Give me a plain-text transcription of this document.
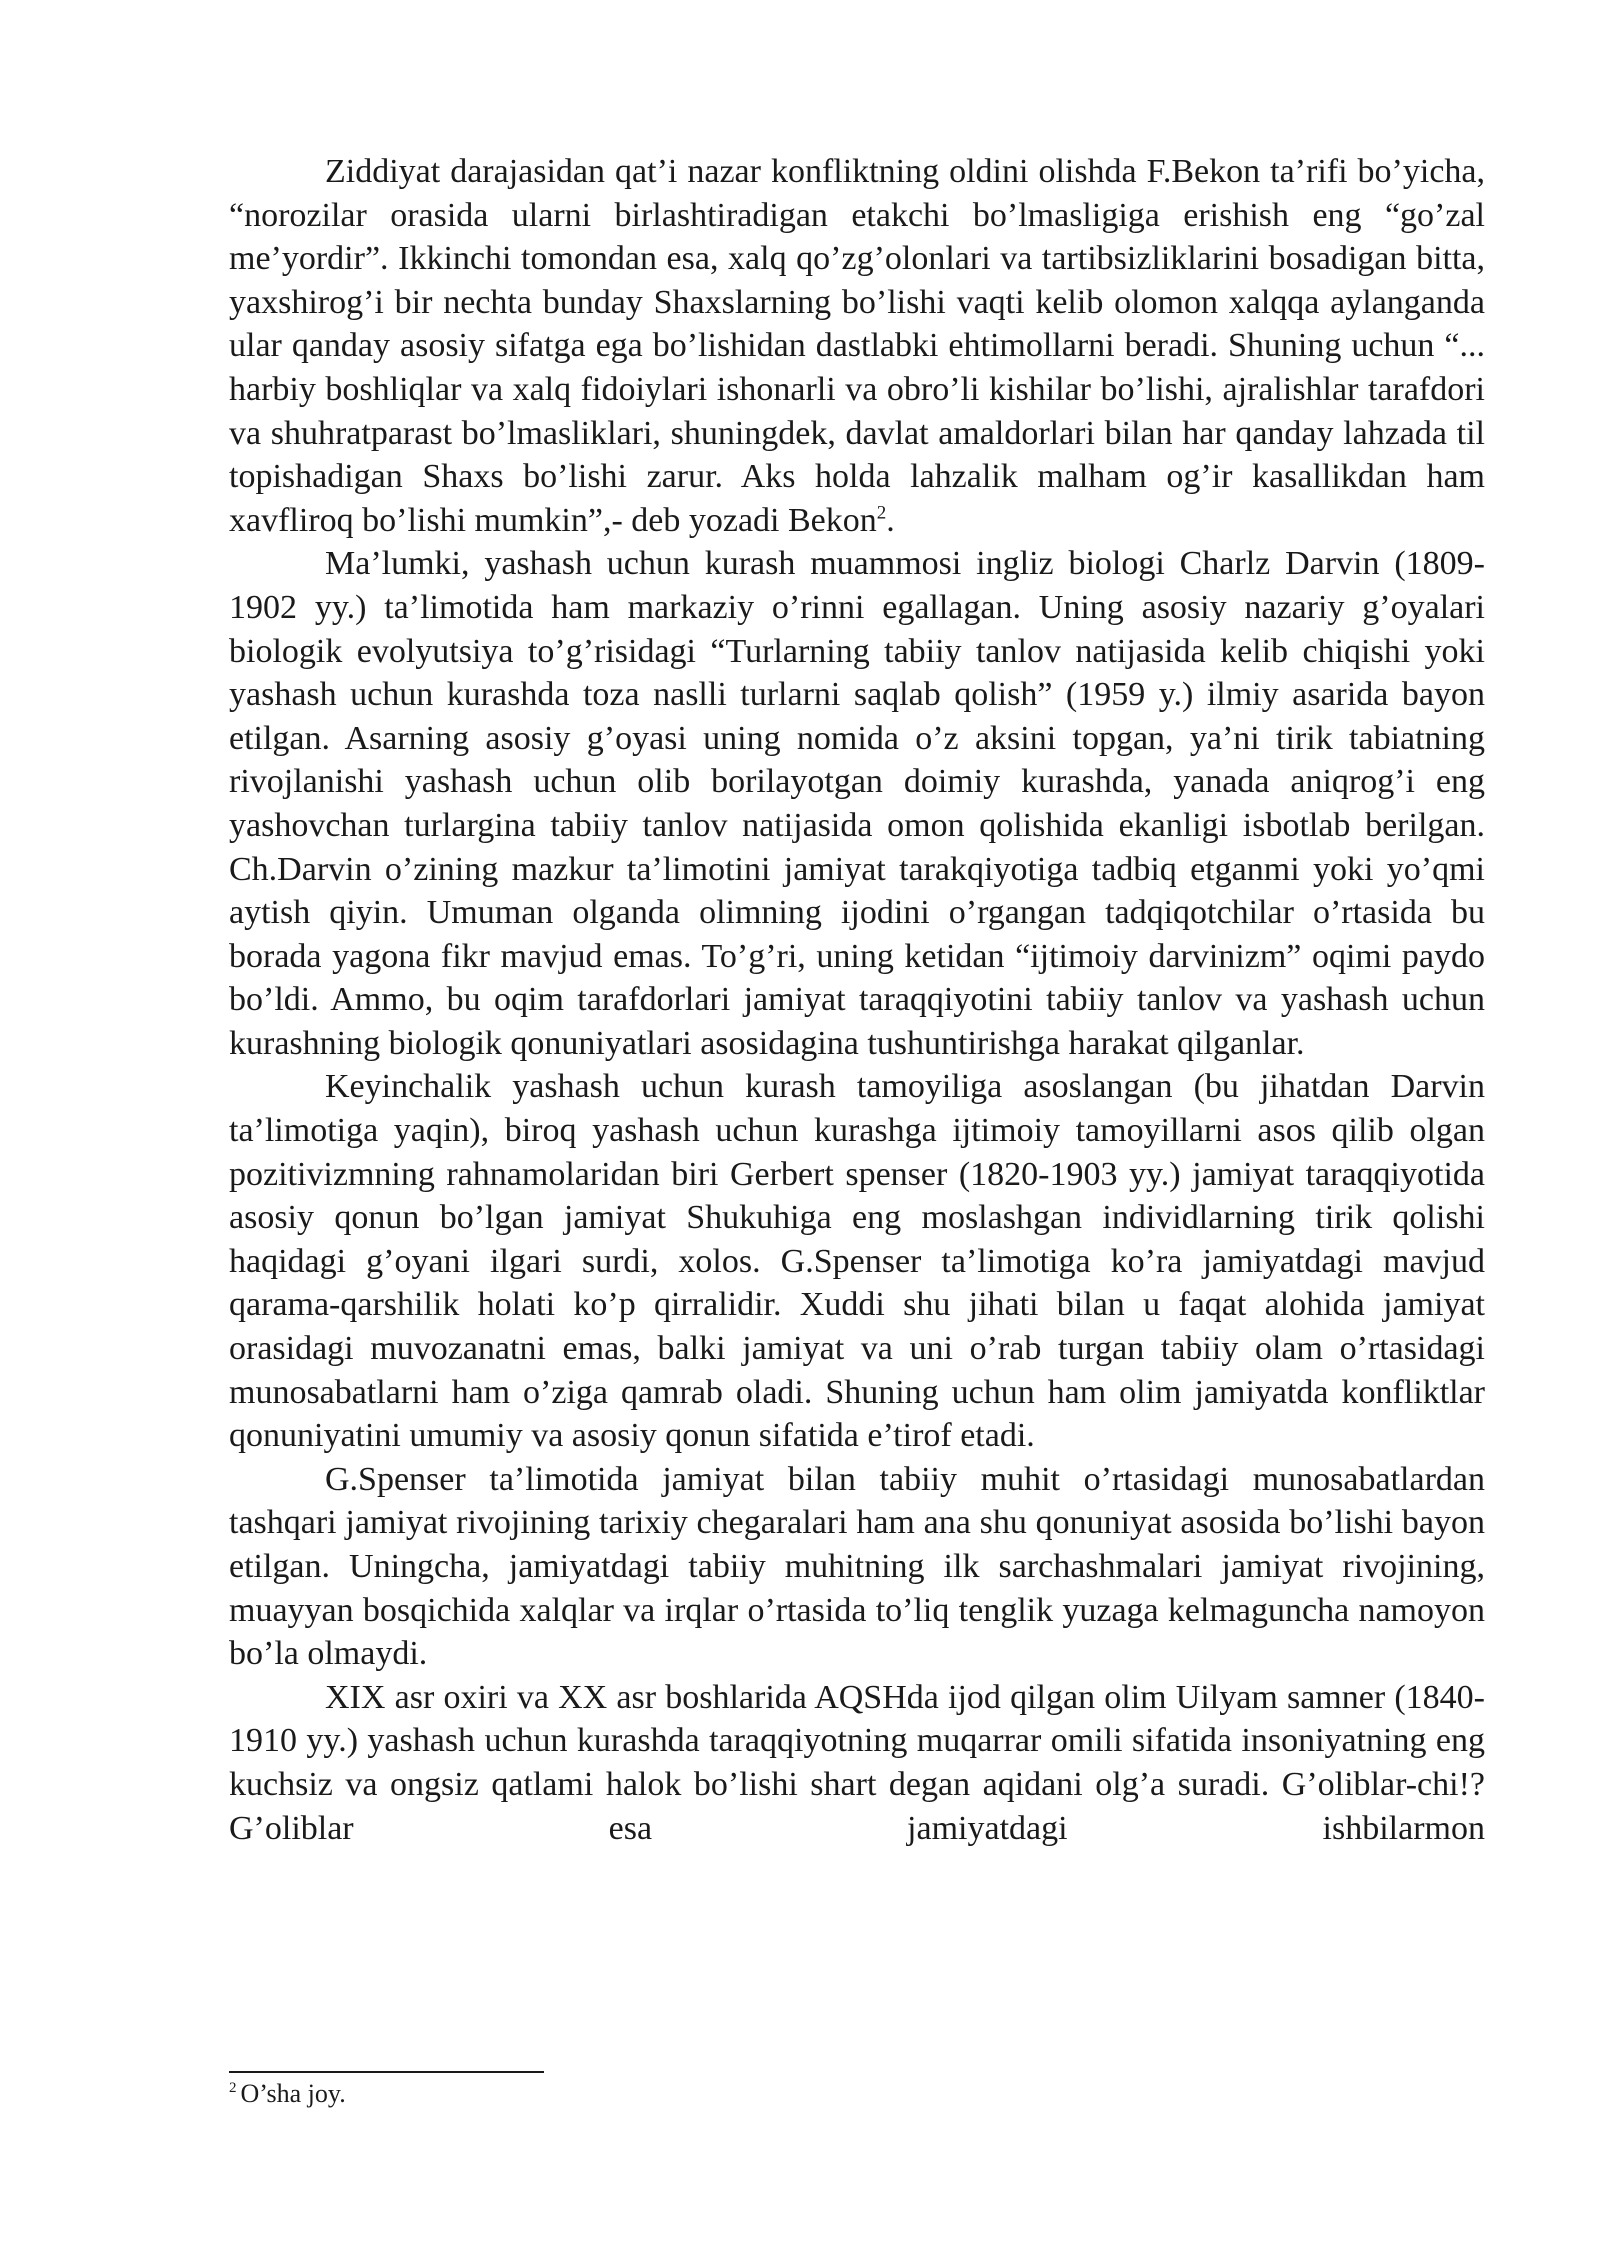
Ziddiyat darajasidan qat’i nazar konfliktning oldini olishda F.Bekon ta’rifi bo’yicha, “norozilar orasida ularni birlashtiradigan etakchi bo’lmasligiga erishish eng “go’zal me’yordir”. Ikkinchi tomondan esa, xalq qo’zg’olonlari va tartibsizliklarini bosadigan bitta, yaxshirog’i bir nechta bunday Shaxslarning bo’lishi vaqti kelib olomon xalqqa aylanganda ular qanday asosiy sifatga ega bo’lishidan dastlabki ehtimollarni beradi. Shuning uchun “... harbiy boshliqlar va xalq fidoiylari ishonarli va obro’li kishilar bo’lishi, ajralishlar tarafdori va shuhratparast bo’lmasliklari, shuningdek, davlat amaldorlari bilan har qanday lahzada til topishadigan Shaxs bo’lishi zarur. Aks holda lahzalik malham og’ir kasallikdan ham xavfliroq bo’lishi mumkin”,- deb yozadi Bekon$^2$.

Ma’lumki, yashash uchun kurash muammosi ingliz biologi Charlz Darvin (1809-1902 yy.) ta’limotida ham markaziy o’rinni egallagan. Uning asosiy nazariy g’oyalari biologik evolyutsiya to’g’risidagi “Turlarning tabiiy tanlov natijasida kelib chiqishi yoki yashash uchun kurashda toza naslli turlarni saqlab qolish” (1959 y.) ilmiy asarida bayon etilgan. Asarning asosiy g’oyasi uning nomida o’z aksini topgan, ya’ni tirik tabiatning rivojlanishi yashash uchun olib borilayotgan doimiy kurashda, yanada aniqrog’i eng yashovchan turlargina tabiiy tanlov natijasida omon qolishida ekanligi isbotlab berilgan. Ch.Darvin o’zining mazkur ta’limotini jamiyat tarakqiyotiga tadbiq etganmi yoki yo’qmi aytish qiyin. Umuman olganda olimning ijodini o’rgangan tadqiqotchilar o’rtasida bu borada yagona fikr mavjud emas. To’g’ri, uning ketidan “ijtimoiy darvinizm” oqimi paydo bo’ldi. Ammo, bu oqim tarafdorlari jamiyat taraqqiyotini tabiiy tanlov va yashash uchun kurashning biologik qonuniyatlari asosidagina tushuntirishga harakat qilganlar.

Keyinchalik yashash uchun kurash tamoyiliga asoslangan (bu jihatdan Darvin ta’limotiga yaqin), biroq yashash uchun kurashga ijtimoiy tamoyillarni asos qilib olgan pozitivizmning rahnamolaridan biri Gerbert spenser (1820-1903 yy.) jamiyat taraqqiyotida asosiy qonun bo’lgan jamiyat Shukuhiga eng moslashgan individlarning tirik qolishi haqidagi g’oyani ilgari surdi, xolos. G.Spenser ta’limotiga ko’ra jamiyatdagi mavjud qarama-qarshilik holati ko’p qirralidir. Xuddi shu jihati bilan u faqat alohida jamiyat orasidagi muvozanatni emas, balki jamiyat va uni o’rab turgan tabiiy olam o’rtasidagi munosabatlarni ham o’ziga qamrab oladi. Shuning uchun ham olim jamiyatda konfliktlar qonuniyatini umumiy va asosiy qonun sifatida e’tirof etadi.

G.Spenser ta’limotida jamiyat bilan tabiiy muhit o’rtasidagi munosabatlardan tashqari jamiyat rivojining tarixiy chegaralari ham ana shu qonuniyat asosida bo’lishi bayon etilgan. Uningcha, jamiyatdagi tabiiy muhitning ilk sarchashmalari jamiyat rivojining, muayyan bosqichida xalqlar va irqlar o’rtasida to’liq tenglik yuzaga kelmaguncha namoyon bo’la olmaydi.

XIX asr oxiri va XX asr boshlarida AQSHda ijod qilgan olim Uilyam samner (1840-1910 yy.) yashash uchun kurashda taraqqiyotning muqarrar omili sifatida insoniyatning eng kuchsiz va ongsiz qatlami halok bo’lishi shart degan aqidani olg’a suradi. G’oliblar-chi!? G’oliblar esa jamiyatdagi ishbilarmon

$^2$ O’sha joy.
